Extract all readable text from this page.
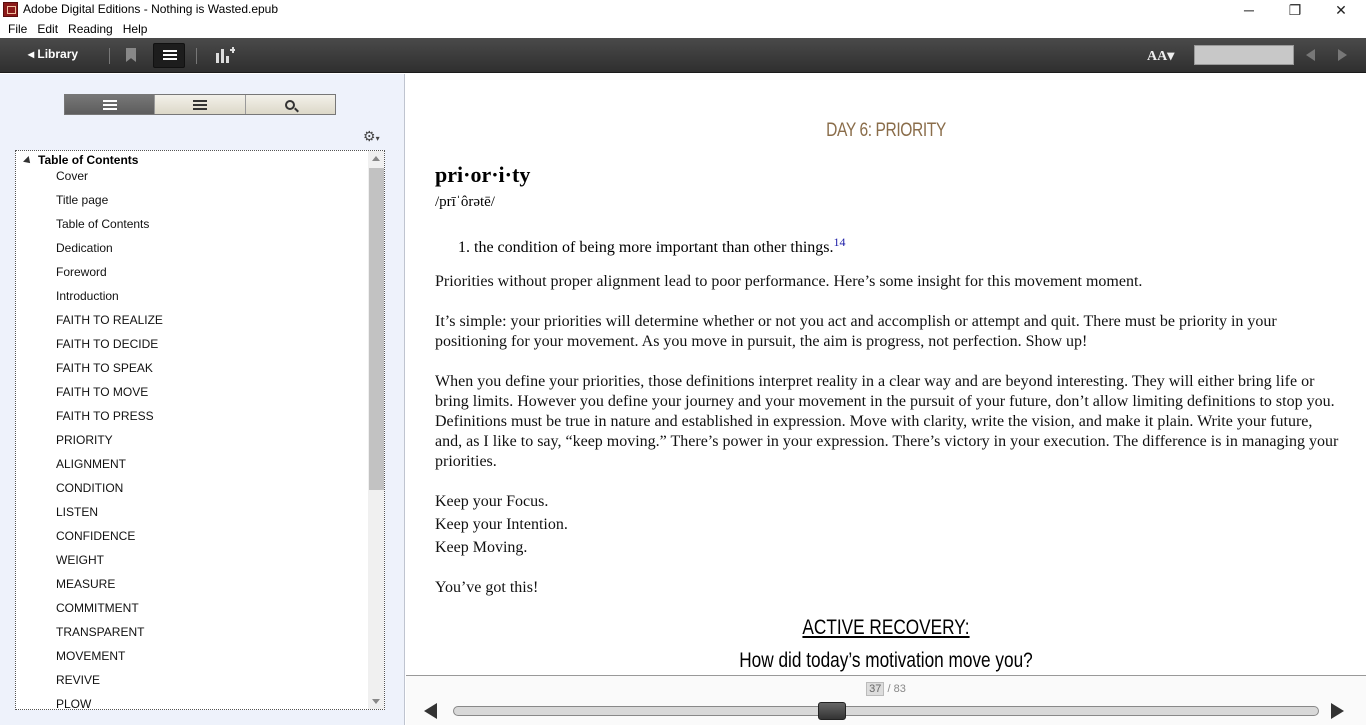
Adobe Digital Editions - Nothing is Wasted.epub	─	❐	✕
File Edit Reading Help
◂ Library	AA▾
⚙▾
Table of Contents
Cover
Title page
Table of Contents
Dedication
Foreword
Introduction
FAITH TO REALIZE
FAITH TO DECIDE
FAITH TO SPEAK
FAITH TO MOVE
FAITH TO PRESS
PRIORITY
ALIGNMENT
CONDITION
LISTEN
CONFIDENCE
WEIGHT
MEASURE
COMMITMENT
TRANSPARENT
MOVEMENT
REVIVE
PLOW
DAY 6: PRIORITY
pri·or·i·ty
/prīˈôrətē/
1. the condition of being more important than other things.$^{14}$
Priorities without proper alignment lead to poor performance. Here’s some insight for this movement moment.
It’s simple: your priorities will determine whether or not you act and accomplish or attempt and quit. There must be priority in your positioning for your movement. As you move in pursuit, the aim is progress, not perfection. Show up!
When you define your priorities, those definitions interpret reality in a clear way and are beyond interesting. They will either bring life or bring limits. However you define your journey and your movement in the pursuit of your future, don’t allow limiting definitions to stop you. Definitions must be true in nature and established in expression. Move with clarity, write the vision, and make it plain. Write your future, and, as I like to say, “keep moving.” There’s power in your expression. There’s victory in your execution. The difference is in managing your priorities.
Keep your Focus.
Keep your Intention.
Keep Moving.
You’ve got this!
ACTIVE RECOVERY:
How did today’s motivation move you?
37 / 83
